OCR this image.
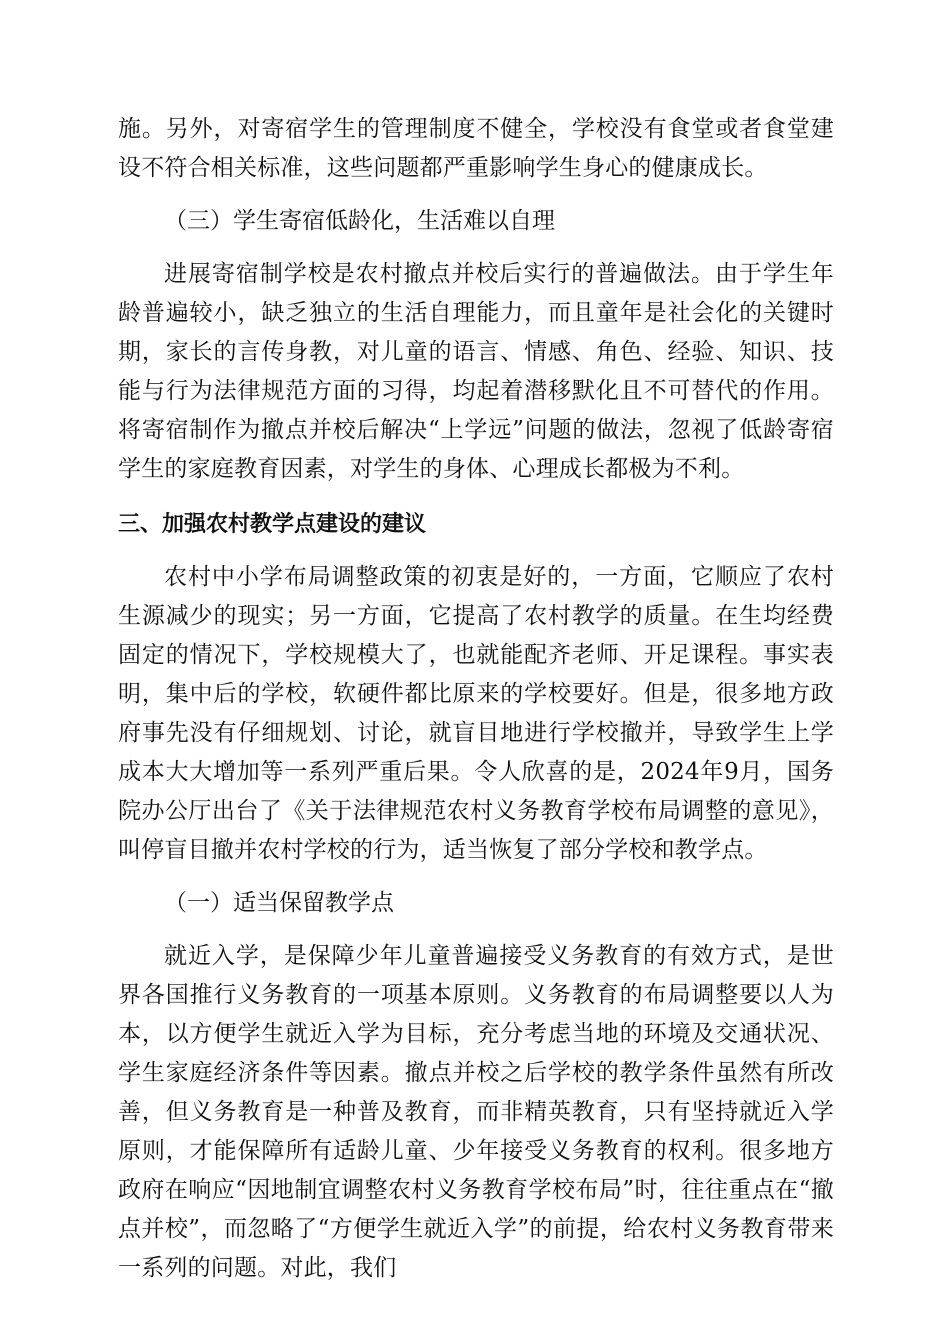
施。另外，对寄宿学生的管理制度不健全，学校没有食堂或者食堂建设不符合相关标准，这些问题都严重影响学生身心的健康成长。

（三）学生寄宿低龄化，生活难以自理

进展寄宿制学校是农村撤点并校后实行的普遍做法。由于学生年龄普遍较小，缺乏独立的生活自理能力，而且童年是社会化的关键时期，家长的言传身教，对儿童的语言、情感、角色、经验、知识、技能与行为法律规范方面的习得，均起着潜移默化且不可替代的作用。将寄宿制作为撤点并校后解决“上学远”问题的做法，忽视了低龄寄宿学生的家庭教育因素，对学生的身体、心理成长都极为不利。

三、加强农村教学点建设的建议

农村中小学布局调整政策的初衷是好的，一方面，它顺应了农村生源减少的现实；另一方面，它提高了农村教学的质量。在生均经费固定的情况下，学校规模大了，也就能配齐老师、开足课程。事实表明，集中后的学校，软硬件都比原来的学校要好。但是，很多地方政府事先没有仔细规划、讨论，就盲目地进行学校撤并，导致学生上学成本大大增加等一系列严重后果。令人欣喜的是，2024年9月，国务院办公厅出台了《关于法律规范农村义务教育学校布局调整的意见》，叫停盲目撤并农村学校的行为，适当恢复了部分学校和教学点。

（一）适当保留教学点

就近入学，是保障少年儿童普遍接受义务教育的有效方式，是世界各国推行义务教育的一项基本原则。义务教育的布局调整要以人为本，以方便学生就近入学为目标，充分考虑当地的环境及交通状况、学生家庭经济条件等因素。撤点并校之后学校的教学条件虽然有所改善，但义务教育是一种普及教育，而非精英教育，只有坚持就近入学原则，才能保障所有适龄儿童、少年接受义务教育的权利。很多地方政府在响应“因地制宜调整农村义务教育学校布局”时，往往重点在“撤点并校”，而忽略了“方便学生就近入学”的前提，给农村义务教育带来一系列的问题。对此，我们
